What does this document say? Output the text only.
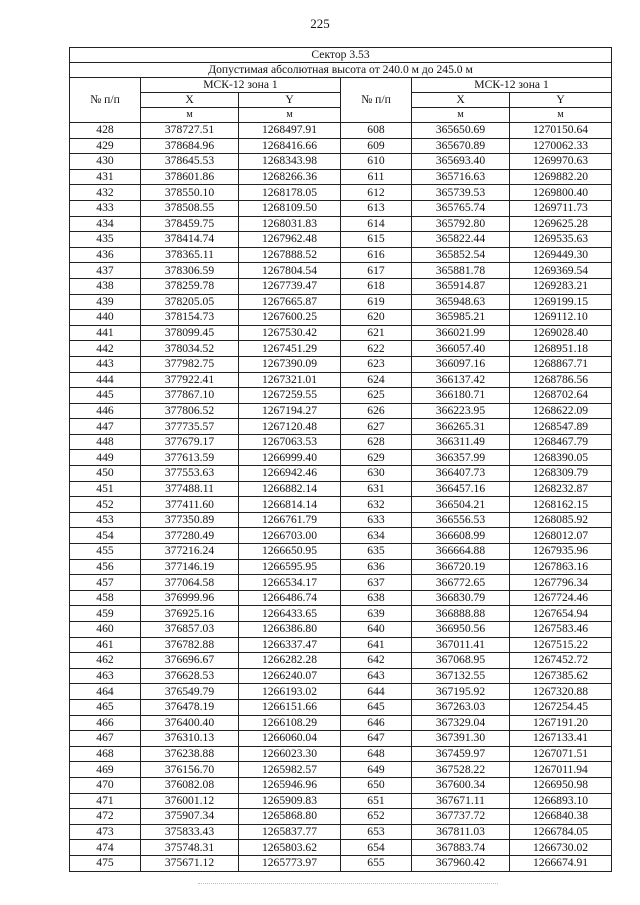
225
Сектор 3.53					
Допустимая абсолютная высота от 240.0 м до 245.0 м					
№ п/п	МСК-12 зона 1		№ п/п	МСК-12 зона 1	
	X	Y		X	Y
	м	м		м	м
428	378727.51	1268497.91	608	365650.69	1270150.64
429	378684.96	1268416.66	609	365670.89	1270062.33
430	378645.53	1268343.98	610	365693.40	1269970.63
431	378601.86	1268266.36	611	365716.63	1269882.20
432	378550.10	1268178.05	612	365739.53	1269800.40
433	378508.55	1268109.50	613	365765.74	1269711.73
434	378459.75	1268031.83	614	365792.80	1269625.28
435	378414.74	1267962.48	615	365822.44	1269535.63
436	378365.11	1267888.52	616	365852.54	1269449.30
437	378306.59	1267804.54	617	365881.78	1269369.54
438	378259.78	1267739.47	618	365914.87	1269283.21
439	378205.05	1267665.87	619	365948.63	1269199.15
440	378154.73	1267600.25	620	365985.21	1269112.10
441	378099.45	1267530.42	621	366021.99	1269028.40
442	378034.52	1267451.29	622	366057.40	1268951.18
443	377982.75	1267390.09	623	366097.16	1268867.71
444	377922.41	1267321.01	624	366137.42	1268786.56
445	377867.10	1267259.55	625	366180.71	1268702.64
446	377806.52	1267194.27	626	366223.95	1268622.09
447	377735.57	1267120.48	627	366265.31	1268547.89
448	377679.17	1267063.53	628	366311.49	1268467.79
449	377613.59	1266999.40	629	366357.99	1268390.05
450	377553.63	1266942.46	630	366407.73	1268309.79
451	377488.11	1266882.14	631	366457.16	1268232.87
452	377411.60	1266814.14	632	366504.21	1268162.15
453	377350.89	1266761.79	633	366556.53	1268085.92
454	377280.49	1266703.00	634	366608.99	1268012.07
455	377216.24	1266650.95	635	366664.88	1267935.96
456	377146.19	1266595.95	636	366720.19	1267863.16
457	377064.58	1266534.17	637	366772.65	1267796.34
458	376999.96	1266486.74	638	366830.79	1267724.46
459	376925.16	1266433.65	639	366888.88	1267654.94
460	376857.03	1266386.80	640	366950.56	1267583.46
461	376782.88	1266337.47	641	367011.41	1267515.22
462	376696.67	1266282.28	642	367068.95	1267452.72
463	376628.53	1266240.07	643	367132.55	1267385.62
464	376549.79	1266193.02	644	367195.92	1267320.88
465	376478.19	1266151.66	645	367263.03	1267254.45
466	376400.40	1266108.29	646	367329.04	1267191.20
467	376310.13	1266060.04	647	367391.30	1267133.41
468	376238.88	1266023.30	648	367459.97	1267071.51
469	376156.70	1265982.57	649	367528.22	1267011.94
470	376082.08	1265946.96	650	367600.34	1266950.98
471	376001.12	1265909.83	651	367671.11	1266893.10
472	375907.34	1265868.80	652	367737.72	1266840.38
473	375833.43	1265837.77	653	367811.03	1266784.05
474	375748.31	1265803.62	654	367883.74	1266730.02
475	375671.12	1265773.97	655	367960.42	1266674.91
